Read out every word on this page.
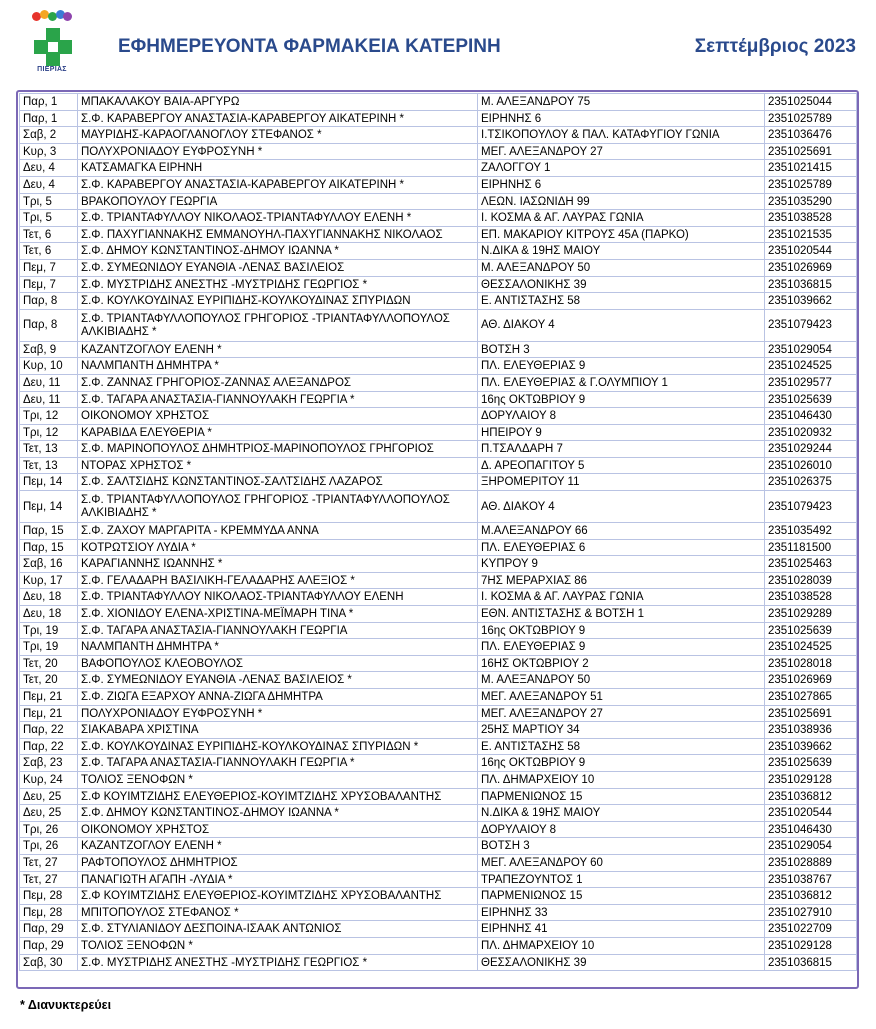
ΠΙΕΡΙΑΣ
ΕΦΗΜΕΡΕΥΟΝΤΑ ΦΑΡΜΑΚΕΙΑ ΚΑΤΕΡΙΝΗ	Σεπτέμβριος 2023
Παρ, 1	ΜΠΑΚΑΛΑΚΟΥ ΒΑΙΑ-ΑΡΓΥΡΩ	Μ. ΑΛΕΞΑΝΔΡΟΥ 75	2351025044
Παρ, 1	Σ.Φ. ΚΑΡΑΒΕΡΓΟΥ ΑΝΑΣΤΑΣΙΑ-ΚΑΡΑΒΕΡΓΟΥ ΑΙΚΑΤΕΡΙΝΗ *	ΕΙΡΗΝΗΣ 6	2351025789
Σαβ, 2	ΜΑΥΡΙΔΗΣ-ΚΑΡΑΟΓΛΑΝΟΓΛΟΥ ΣΤΕΦΑΝΟΣ *	Ι.ΤΣΙΚΟΠΟΥΛΟΥ & ΠΑΛ. ΚΑΤΑΦΥΓΙΟΥ ΓΩΝΙΑ	2351036476
Κυρ, 3	ΠΟΛΥΧΡΟΝΙΑΔΟΥ ΕΥΦΡΟΣΥΝΗ *	ΜΕΓ. ΑΛΕΞΑΝΔΡΟΥ 27	2351025691
Δευ, 4	ΚΑΤΣΑΜΑΓΚΑ ΕΙΡΗΝΗ	ΖΑΛΟΓΓΟΥ 1	2351021415
Δευ, 4	Σ.Φ. ΚΑΡΑΒΕΡΓΟΥ ΑΝΑΣΤΑΣΙΑ-ΚΑΡΑΒΕΡΓΟΥ ΑΙΚΑΤΕΡΙΝΗ *	ΕΙΡΗΝΗΣ 6	2351025789
Τρι, 5	ΒΡΑΚΟΠΟΥΛΟΥ ΓΕΩΡΓΙΑ	ΛΕΩΝ. ΙΑΣΩΝΙΔΗ 99	2351035290
Τρι, 5	Σ.Φ. ΤΡΙΑΝΤΑΦΥΛΛΟΥ ΝΙΚΟΛΑΟΣ-ΤΡΙΑΝΤΑΦΥΛΛΟΥ ΕΛΕΝΗ *	Ι. ΚΟΣΜΑ & ΑΓ. ΛΑΥΡΑΣ ΓΩΝΙΑ	2351038528
Τετ, 6	Σ.Φ. ΠΑΧΥΓΙΑΝΝΑΚΗΣ ΕΜΜΑΝΟΥΗΛ-ΠΑΧΥΓΙΑΝΝΑΚΗΣ ΝΙΚΟΛΑΟΣ	ΕΠ. ΜΑΚΑΡΙΟΥ ΚΙΤΡΟΥΣ 45Α (ΠΑΡΚΟ)	2351021535
Τετ, 6	Σ.Φ. ΔΗΜΟΥ ΚΩΝΣΤΑΝΤΙΝΟΣ-ΔΗΜΟΥ ΙΩΑΝΝΑ *	Ν.ΔΙΚΑ & 19ΗΣ ΜΑΙΟΥ	2351020544
Πεμ, 7	Σ.Φ. ΣΥΜΕΩΝΙΔΟΥ ΕΥΑΝΘΙΑ -ΛΕΝΑΣ ΒΑΣΙΛΕΙΟΣ	Μ. ΑΛΕΞΑΝΔΡΟΥ 50	2351026969
Πεμ, 7	Σ.Φ. ΜΥΣΤΡΙΔΗΣ ΑΝΕΣΤΗΣ -ΜΥΣΤΡΙΔΗΣ ΓΕΩΡΓΙΟΣ *	ΘΕΣΣΑΛΟΝΙΚΗΣ 39	2351036815
Παρ, 8	Σ.Φ. ΚΟΥΛΚΟΥΔΙΝΑΣ ΕΥΡΙΠΙΔΗΣ-ΚΟΥΛΚΟΥΔΙΝΑΣ ΣΠΥΡΙΔΩΝ	Ε. ΑΝΤΙΣΤΑΣΗΣ 58	2351039662
Παρ, 8	Σ.Φ. ΤΡΙΑΝΤΑΦΥΛΛΟΠΟΥΛΟΣ ΓΡΗΓΟΡΙΟΣ -ΤΡΙΑΝΤΑΦΥΛΛΟΠΟΥΛΟΣ ΑΛΚΙΒΙΑΔΗΣ *	ΑΘ. ΔΙΑΚΟΥ 4	2351079423
Σαβ, 9	ΚΑΖΑΝΤΖΟΓΛΟΥ ΕΛΕΝΗ *	ΒΟΤΣΗ 3	2351029054
Κυρ, 10	ΝΑΛΜΠΑΝΤΗ ΔΗΜΗΤΡΑ *	ΠΛ. ΕΛΕΥΘΕΡΙΑΣ 9	2351024525
Δευ, 11	Σ.Φ. ΖΑΝΝΑΣ ΓΡΗΓΟΡΙΟΣ-ΖΑΝΝΑΣ ΑΛΕΞΑΝΔΡΟΣ	ΠΛ. ΕΛΕΥΘΕΡΙΑΣ & Γ.ΟΛΥΜΠΙΟΥ 1	2351029577
Δευ, 11	Σ.Φ. ΤΑΓΑΡΑ ΑΝΑΣΤΑΣΙΑ-ΓΙΑΝΝΟΥΛΑΚΗ ΓΕΩΡΓΙΑ *	16ης ΟΚΤΩΒΡΙΟΥ 9	2351025639
Τρι, 12	ΟΙΚΟΝΟΜΟΥ ΧΡΗΣΤΟΣ	ΔΟΡΥΛΑΙΟΥ 8	2351046430
Τρι, 12	ΚΑΡΑΒΙΔΑ ΕΛΕΥΘΕΡΙΑ *	ΗΠΕΙΡΟΥ 9	2351020932
Τετ, 13	Σ.Φ. ΜΑΡΙΝΟΠΟΥΛΟΣ ΔΗΜΗΤΡΙΟΣ-ΜΑΡΙΝΟΠΟΥΛΟΣ ΓΡΗΓΟΡΙΟΣ	Π.ΤΣΑΛΔΑΡΗ 7	2351029244
Τετ, 13	ΝΤΟΡΑΣ ΧΡΗΣΤΟΣ *	Δ. ΑΡΕΟΠΑΓΙΤΟΥ 5	2351026010
Πεμ, 14	Σ.Φ. ΣΑΛΤΣΙΔΗΣ ΚΩΝΣΤΑΝΤΙΝΟΣ-ΣΑΛΤΣΙΔΗΣ ΛΑΖΑΡΟΣ	ΞΗΡΟΜΕΡΙΤΟΥ 11	2351026375
Πεμ, 14	Σ.Φ. ΤΡΙΑΝΤΑΦΥΛΛΟΠΟΥΛΟΣ ΓΡΗΓΟΡΙΟΣ -ΤΡΙΑΝΤΑΦΥΛΛΟΠΟΥΛΟΣ ΑΛΚΙΒΙΑΔΗΣ *	ΑΘ. ΔΙΑΚΟΥ 4	2351079423
Παρ, 15	Σ.Φ. ΖΑΧΟΥ ΜΑΡΓΑΡΙΤΑ - ΚΡΕΜΜΥΔΑ ΑΝΝΑ	Μ.ΑΛΕΞΑΝΔΡΟΥ 66	2351035492
Παρ, 15	ΚΟΤΡΩΤΣΙΟΥ ΛΥΔΙΑ *	ΠΛ. ΕΛΕΥΘΕΡΙΑΣ 6	2351181500
Σαβ, 16	ΚΑΡΑΓΙΑΝΝΗΣ ΙΩΑΝΝΗΣ *	ΚΥΠΡΟΥ 9	2351025463
Κυρ, 17	Σ.Φ. ΓΕΛΑΔΑΡΗ ΒΑΣΙΛΙΚΗ-ΓΕΛΑΔΑΡΗΣ ΑΛΕΞΙΟΣ *	7ΗΣ ΜΕΡΑΡΧΙΑΣ 86	2351028039
Δευ, 18	Σ.Φ. ΤΡΙΑΝΤΑΦΥΛΛΟΥ ΝΙΚΟΛΑΟΣ-ΤΡΙΑΝΤΑΦΥΛΛΟΥ ΕΛΕΝΗ	Ι. ΚΟΣΜΑ & ΑΓ. ΛΑΥΡΑΣ ΓΩΝΙΑ	2351038528
Δευ, 18	Σ.Φ. ΧΙΟΝΙΔΟΥ ΕΛΕΝΑ-ΧΡΙΣΤΙΝΑ-ΜΕΪΜΑΡΗ ΤΙΝΑ *	ΕΘΝ. ΑΝΤΙΣΤΑΣΗΣ & ΒΟΤΣΗ 1	2351029289
Τρι, 19	Σ.Φ. ΤΑΓΑΡΑ ΑΝΑΣΤΑΣΙΑ-ΓΙΑΝΝΟΥΛΑΚΗ ΓΕΩΡΓΙΑ	16ης ΟΚΤΩΒΡΙΟΥ 9	2351025639
Τρι, 19	ΝΑΛΜΠΑΝΤΗ ΔΗΜΗΤΡΑ *	ΠΛ. ΕΛΕΥΘΕΡΙΑΣ 9	2351024525
Τετ, 20	ΒΑΦΟΠΟΥΛΟΣ ΚΛΕΟΒΟΥΛΟΣ	16ΗΣ ΟΚΤΩΒΡΙΟΥ 2	2351028018
Τετ, 20	Σ.Φ. ΣΥΜΕΩΝΙΔΟΥ ΕΥΑΝΘΙΑ -ΛΕΝΑΣ ΒΑΣΙΛΕΙΟΣ *	Μ. ΑΛΕΞΑΝΔΡΟΥ 50	2351026969
Πεμ, 21	Σ.Φ. ΖΙΩΓΑ ΕΞΑΡΧΟΥ ΑΝΝΑ-ΖΙΩΓΑ ΔΗΜΗΤΡΑ	ΜΕΓ. ΑΛΕΞΑΝΔΡΟΥ 51	2351027865
Πεμ, 21	ΠΟΛΥΧΡΟΝΙΑΔΟΥ ΕΥΦΡΟΣΥΝΗ *	ΜΕΓ. ΑΛΕΞΑΝΔΡΟΥ 27	2351025691
Παρ, 22	ΣΙΑΚΑΒΑΡΑ ΧΡΙΣΤΙΝΑ	25ΗΣ ΜΑΡΤΙΟΥ 34	2351038936
Παρ, 22	Σ.Φ. ΚΟΥΛΚΟΥΔΙΝΑΣ ΕΥΡΙΠΙΔΗΣ-ΚΟΥΛΚΟΥΔΙΝΑΣ ΣΠΥΡΙΔΩΝ *	Ε. ΑΝΤΙΣΤΑΣΗΣ 58	2351039662
Σαβ, 23	Σ.Φ. ΤΑΓΑΡΑ ΑΝΑΣΤΑΣΙΑ-ΓΙΑΝΝΟΥΛΑΚΗ ΓΕΩΡΓΙΑ *	16ης ΟΚΤΩΒΡΙΟΥ 9	2351025639
Κυρ, 24	ΤΟΛΙΟΣ ΞΕΝΟΦΩΝ *	ΠΛ. ΔΗΜΑΡΧΕΙΟΥ 10	2351029128
Δευ, 25	Σ.Φ ΚΟΥΙΜΤΖΙΔΗΣ ΕΛΕΥΘΕΡΙΟΣ-ΚΟΥΙΜΤΖΙΔΗΣ ΧΡΥΣΟΒΑΛΑΝΤΗΣ	ΠΑΡΜΕΝΙΩΝΟΣ 15	2351036812
Δευ, 25	Σ.Φ. ΔΗΜΟΥ ΚΩΝΣΤΑΝΤΙΝΟΣ-ΔΗΜΟΥ ΙΩΑΝΝΑ *	Ν.ΔΙΚΑ & 19ΗΣ ΜΑΙΟΥ	2351020544
Τρι, 26	ΟΙΚΟΝΟΜΟΥ ΧΡΗΣΤΟΣ	ΔΟΡΥΛΑΙΟΥ 8	2351046430
Τρι, 26	ΚΑΖΑΝΤΖΟΓΛΟΥ ΕΛΕΝΗ *	ΒΟΤΣΗ 3	2351029054
Τετ, 27	ΡΑΦΤΟΠΟΥΛΟΣ ΔΗΜΗΤΡΙΟΣ	ΜΕΓ. ΑΛΕΞΑΝΔΡΟΥ 60	2351028889
Τετ, 27	ΠΑΝΑΓΙΩΤΗ ΑΓΑΠΗ -ΛΥΔΙΑ *	ΤΡΑΠΕΖΟΥΝΤΟΣ 1	2351038767
Πεμ, 28	Σ.Φ ΚΟΥΙΜΤΖΙΔΗΣ ΕΛΕΥΘΕΡΙΟΣ-ΚΟΥΙΜΤΖΙΔΗΣ ΧΡΥΣΟΒΑΛΑΝΤΗΣ	ΠΑΡΜΕΝΙΩΝΟΣ 15	2351036812
Πεμ, 28	ΜΠΙΤΟΠΟΥΛΟΣ ΣΤΕΦΑΝΟΣ *	ΕΙΡΗΝΗΣ 33	2351027910
Παρ, 29	Σ.Φ. ΣΤΥΛΙΑΝΙΔΟΥ ΔΕΣΠΟΙΝΑ-ΙΣΑΑΚ ΑΝΤΩΝΙΟΣ	ΕΙΡΗΝΗΣ 41	2351022709
Παρ, 29	ΤΟΛΙΟΣ ΞΕΝΟΦΩΝ *	ΠΛ. ΔΗΜΑΡΧΕΙΟΥ 10	2351029128
Σαβ, 30	Σ.Φ. ΜΥΣΤΡΙΔΗΣ ΑΝΕΣΤΗΣ -ΜΥΣΤΡΙΔΗΣ ΓΕΩΡΓΙΟΣ *	ΘΕΣΣΑΛΟΝΙΚΗΣ 39	2351036815
* Διανυκτερεύει
